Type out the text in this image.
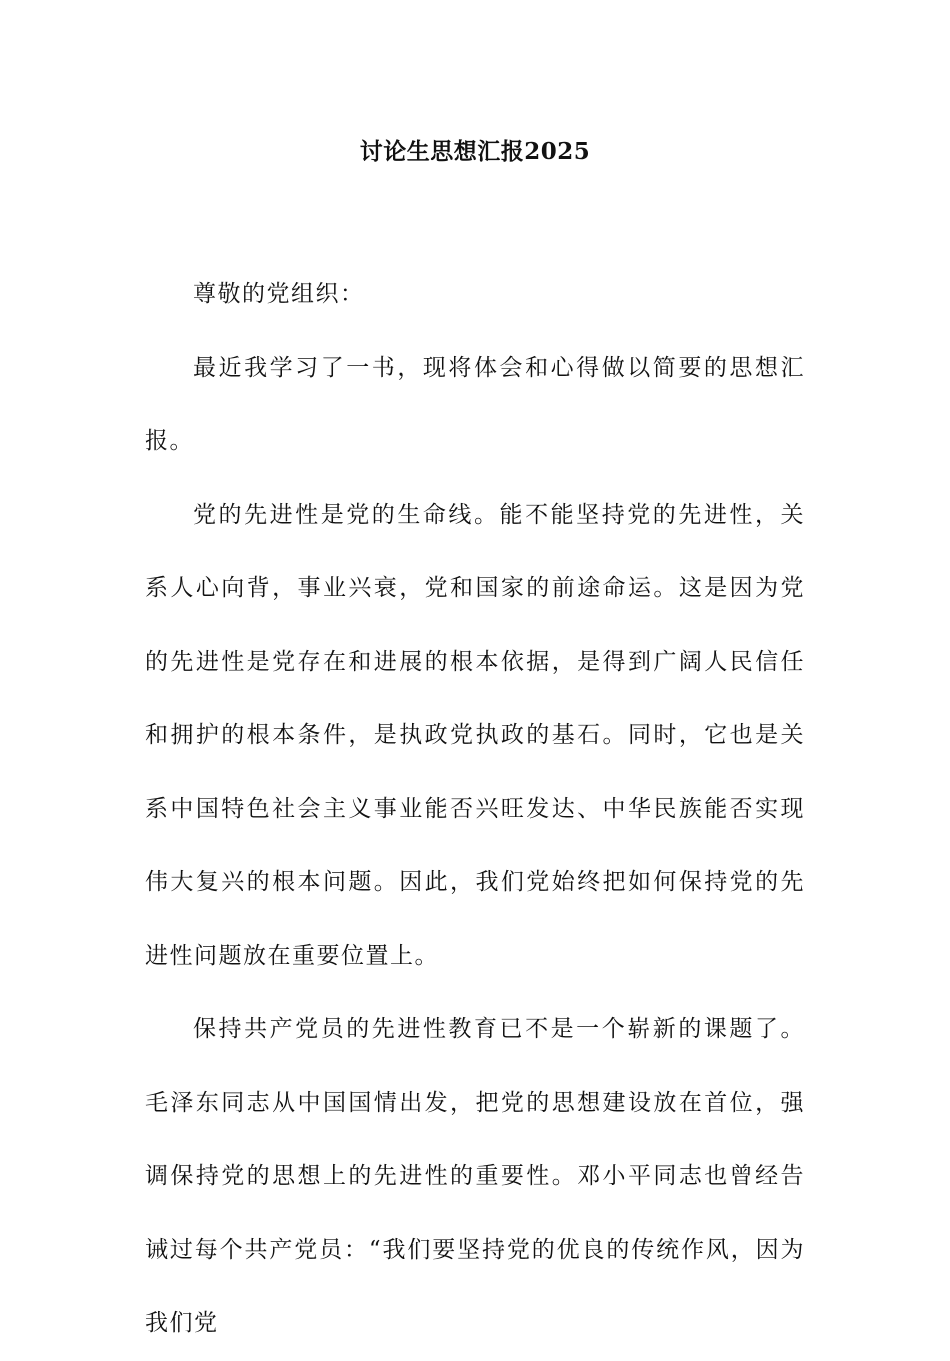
讨论生思想汇报2025

尊敬的党组织：

最近我学习了一书，现将体会和心得做以简要的思想汇报。

党的先进性是党的生命线。能不能坚持党的先进性，关系人心向背，事业兴衰，党和国家的前途命运。这是因为党的先进性是党存在和进展的根本依据，是得到广阔人民信任和拥护的根本条件，是执政党执政的基石。同时，它也是关系中国特色社会主义事业能否兴旺发达、中华民族能否实现伟大复兴的根本问题。因此，我们党始终把如何保持党的先进性问题放在重要位置上。

保持共产党员的先进性教育已不是一个崭新的课题了。毛泽东同志从中国国情出发，把党的思想建设放在首位，强调保持党的思想上的先进性的重要性。邓小平同志也曾经告诫过每个共产党员：“我们要坚持党的优良的传统作风，因为我们党
